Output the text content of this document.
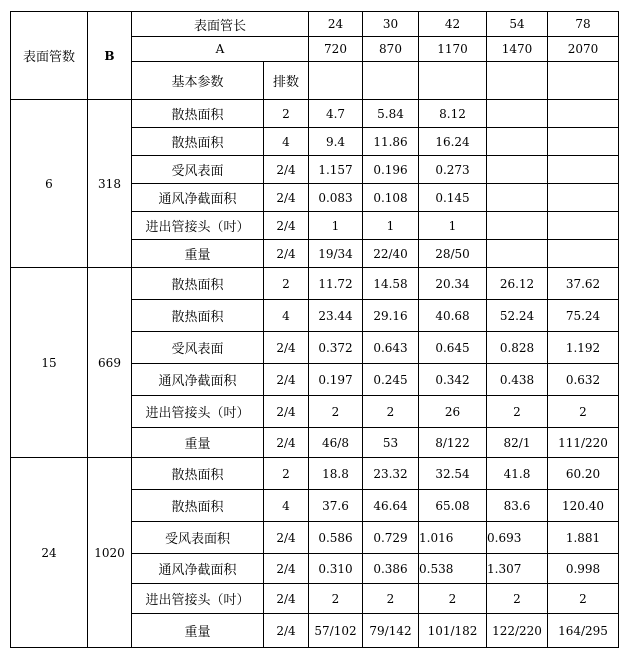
表面管数	B	表面管长		24	30	42	54	78
		A		720	870	1170	1470	2070
		基本参数	排数					
6	318	散热面积	2	4.7	5.84	8.12		
		散热面积	4	9.4	11.86	16.24		
		受风表面	2/4	1.157	0.196	0.273		
		通风净截面积	2/4	0.083	0.108	0.145		
		进出管接头（吋）	2/4	1	1	1		
		重量	2/4	19/34	22/40	28/50		
15	669	散热面积	2	11.72	14.58	20.34	26.12	37.62
		散热面积	4	23.44	29.16	40.68	52.24	75.24
		受风表面	2/4	0.372	0.643	0.645	0.828	1.192
		通风净截面积	2/4	0.197	0.245	0.342	0.438	0.632
		进出管接头（吋）	2/4	2	2	26	2	2
		重量	2/4	46/8	53	8/122	82/1	111/220
24	1020	散热面积	2	18.8	23.32	32.54	41.8	60.20
		散热面积	4	37.6	46.64	65.08	83.6	120.40
		受风表面积	2/4	0.586	0.729	1.016	0.693	1.881
		通风净截面积	2/4	0.310	0.386	0.538	1.307	0.998
		进出管接头（吋）	2/4	2	2	2	2	2
		重量	2/4	57/102	79/142	101/182	122/220	164/295
